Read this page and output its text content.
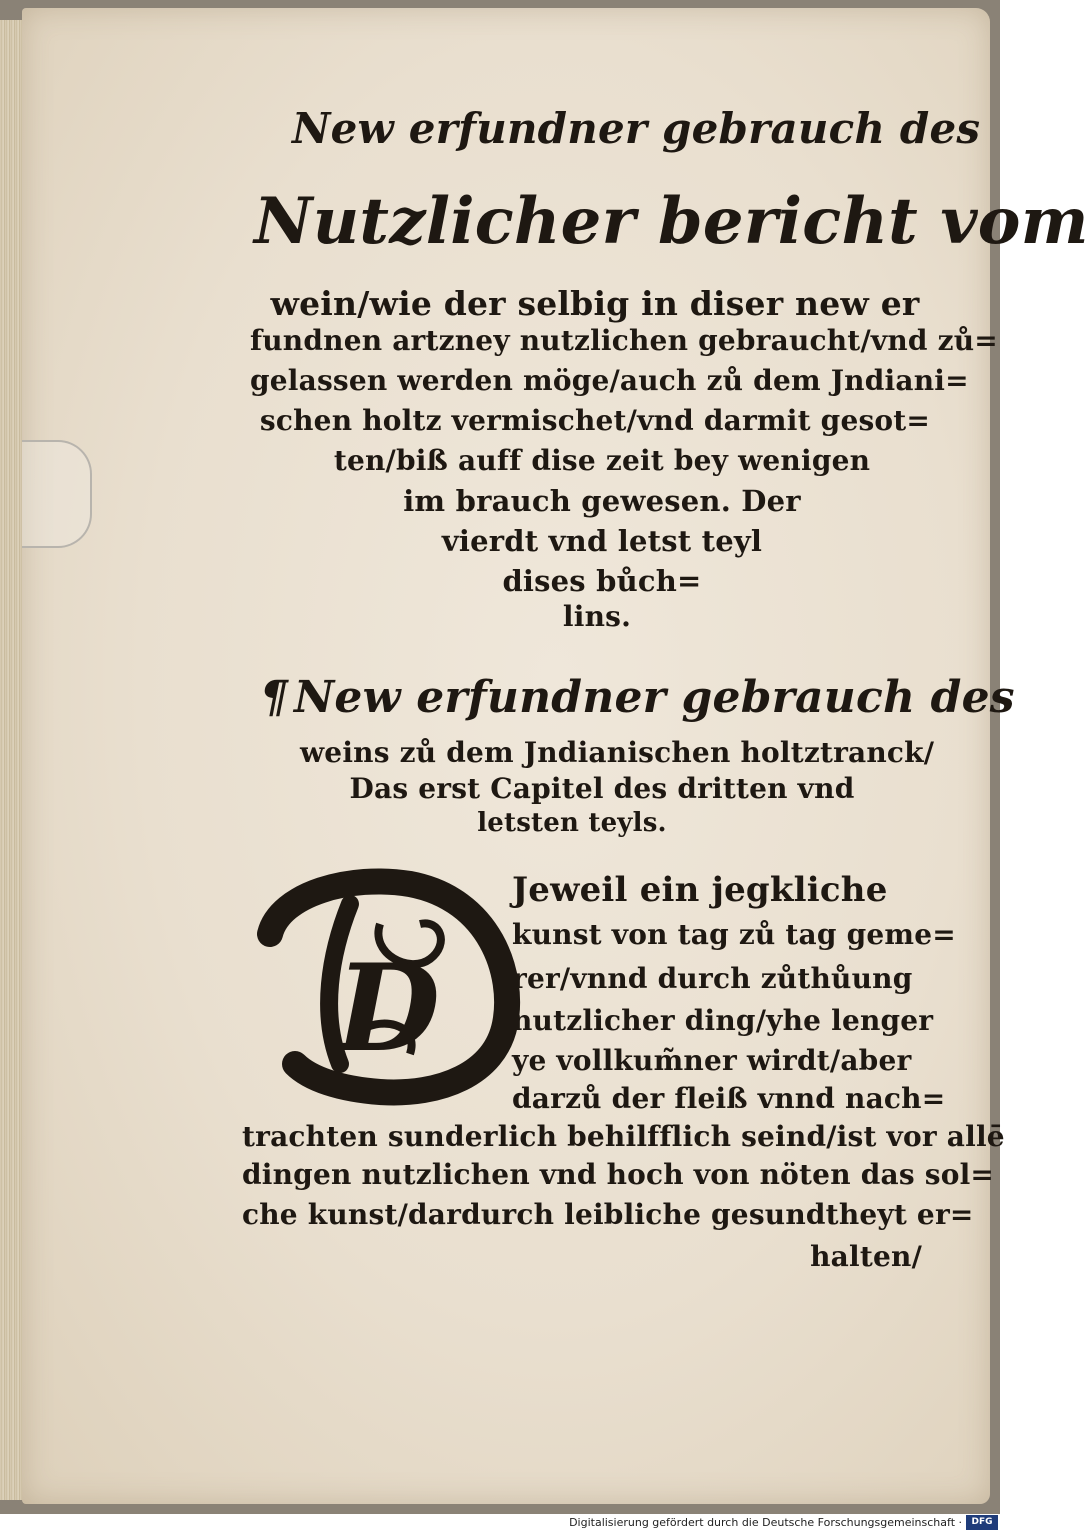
New erfundner gebrauch des
Nutzlicher bericht vom
wein/wie der selbig in diser new er
fundnen artzney nutzlichen gebraucht/vnd zů=
gelassen werden möge/auch zů dem Jndiani=
schen holtz vermischet/vnd darmit gesot=
ten/biß auff dise zeit bey wenigen
im brauch gewesen. Der
vierdt vnd letst teyl
dises bůch=
lins.
¶ New erfundner gebrauch des
weins zů dem Jndianischen holtztranck/
Das erst Capitel des dritten vnd
letsten teyls.
D
Jeweil ein jegkliche
kunst von tag zů tag geme=
rer/vnnd durch zůthůung
nutzlicher ding/yhe lenger
ye vollkum̃ner wirdt/aber
darzů der fleiß vnnd nach=
trachten sunderlich behilfflich seind/ist vor allē
dingen nutzlichen vnd hoch von nöten das sol=
che kunst/dardurch leibliche gesundtheyt er=
halten/
Digitalisierung gefördert durch die Deutsche Forschungsgemeinschaft ·	DFG
